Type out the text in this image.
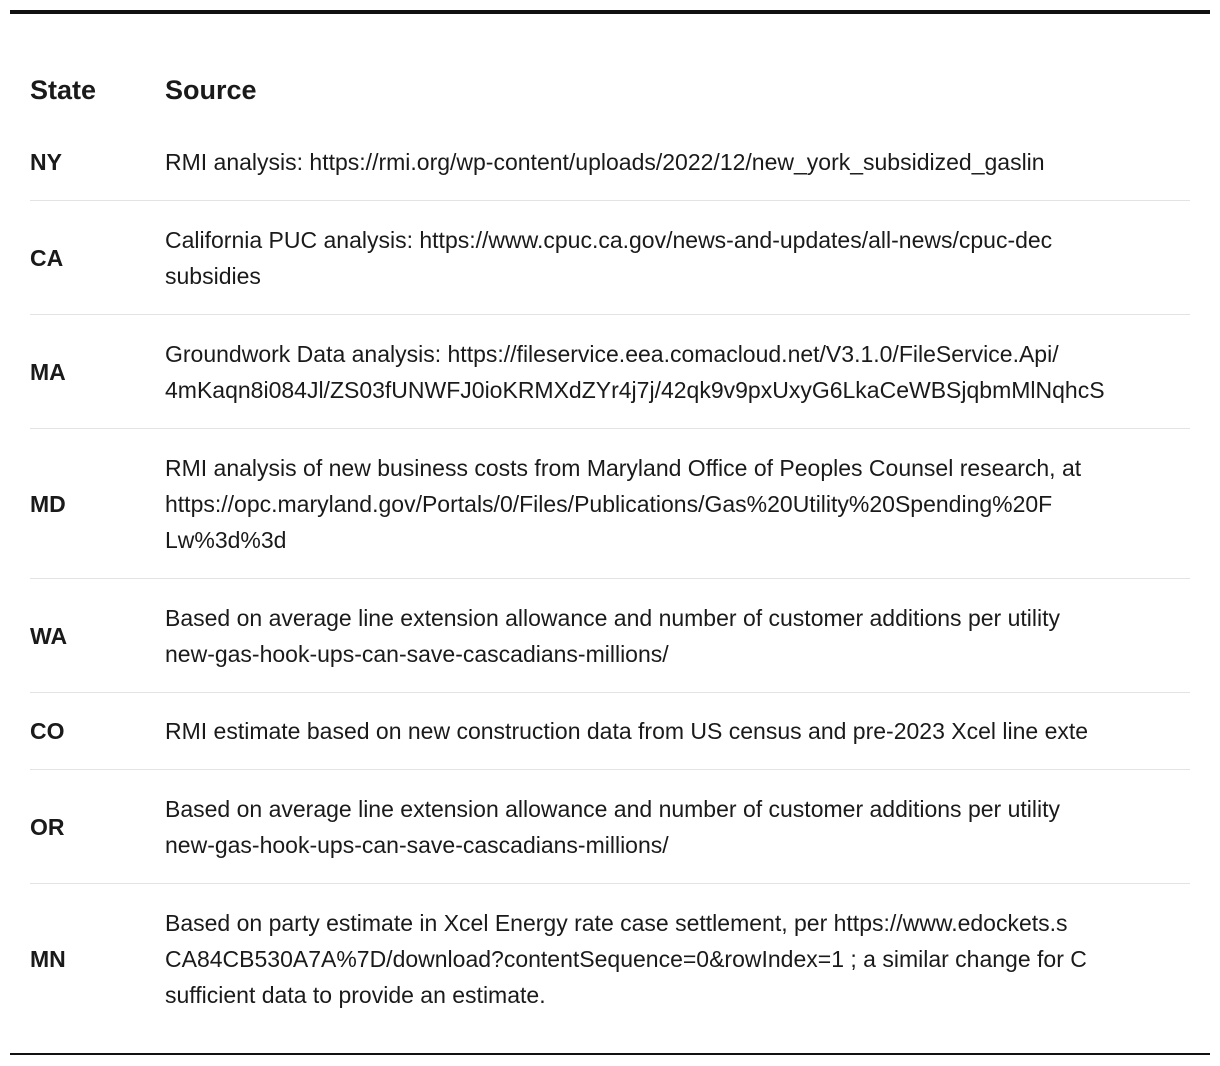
State	Source
NY	RMI analysis: https://rmi.org/wp-content/uploads/2022/12/new_york_subsidized_gaslin
CA	California PUC analysis: https://www.cpuc.ca.gov/news-and-updates/all-news/cpuc-dec
subsidies
MA	Groundwork Data analysis: https://fileservice.eea.comacloud.net/V3.1.0/FileService.Api/
4mKaqn8i084Jl/ZS03fUNWFJ0ioKRMXdZYr4j7j/42qk9v9pxUxyG6LkaCeWBSjqbmMlNqhcS
MD	RMI analysis of new business costs from Maryland Office of Peoples Counsel research, at
https://opc.maryland.gov/Portals/0/Files/Publications/Gas%20Utility%20Spending%20F
Lw%3d%3d
WA	Based on average line extension allowance and number of customer additions per utility
new-gas-hook-ups-can-save-cascadians-millions/
CO	RMI estimate based on new construction data from US census and pre-2023 Xcel line exte
OR	Based on average line extension allowance and number of customer additions per utility
new-gas-hook-ups-can-save-cascadians-millions/
MN	Based on party estimate in Xcel Energy rate case settlement, per https://www.edockets.s
CA84CB530A7A%7D/download?contentSequence=0&rowIndex=1 ; a similar change for C
sufficient data to provide an estimate.
